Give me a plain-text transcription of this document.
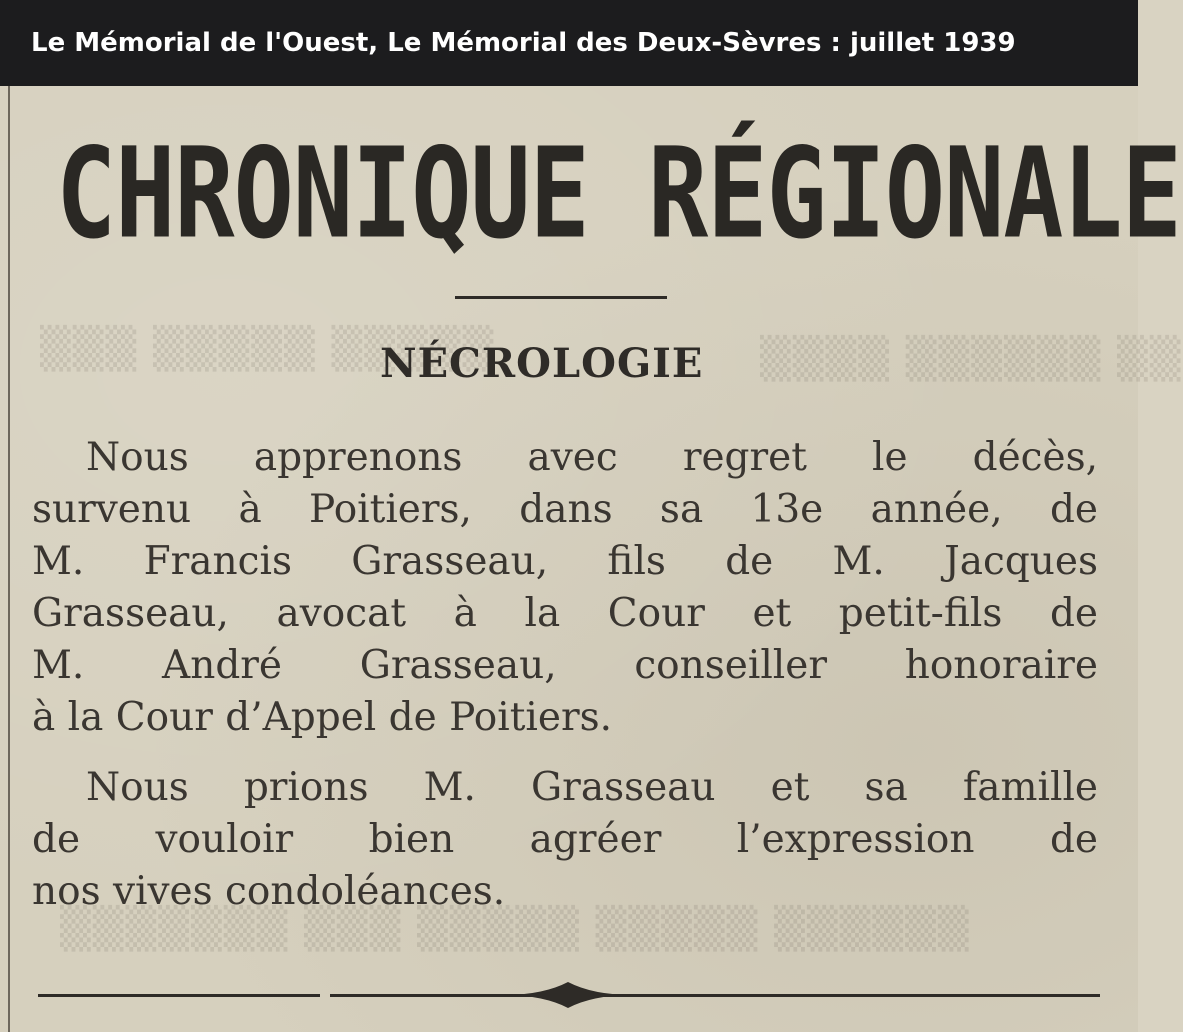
Le Mémorial de l'Ouest, Le Mémorial des Deux-Sèvres : juillet 1939
▒▒▒ ▒▒▒▒▒ ▒▒▒▒▒	▒▒▒▒ ▒▒▒▒▒▒ ▒▒
▒▒▒▒▒▒▒ ▒▒▒ ▒▒▒▒▒ ▒▒▒▒▒ ▒▒▒▒▒▒
CHRONIQUE RÉGIONALE
NÉCROLOGIE
Nous apprenons avec regret le décès,
survenu à Poitiers, dans sa 13e année, de
M. Francis Grasseau, fils de M. Jacques
Grasseau, avocat à la Cour et petit-fils de
M. André Grasseau, conseiller honoraire
à la Cour d’Appel de Poitiers.
Nous prions M. Grasseau et sa famille
de vouloir bien agréer l’expression de
nos vives condoléances.
